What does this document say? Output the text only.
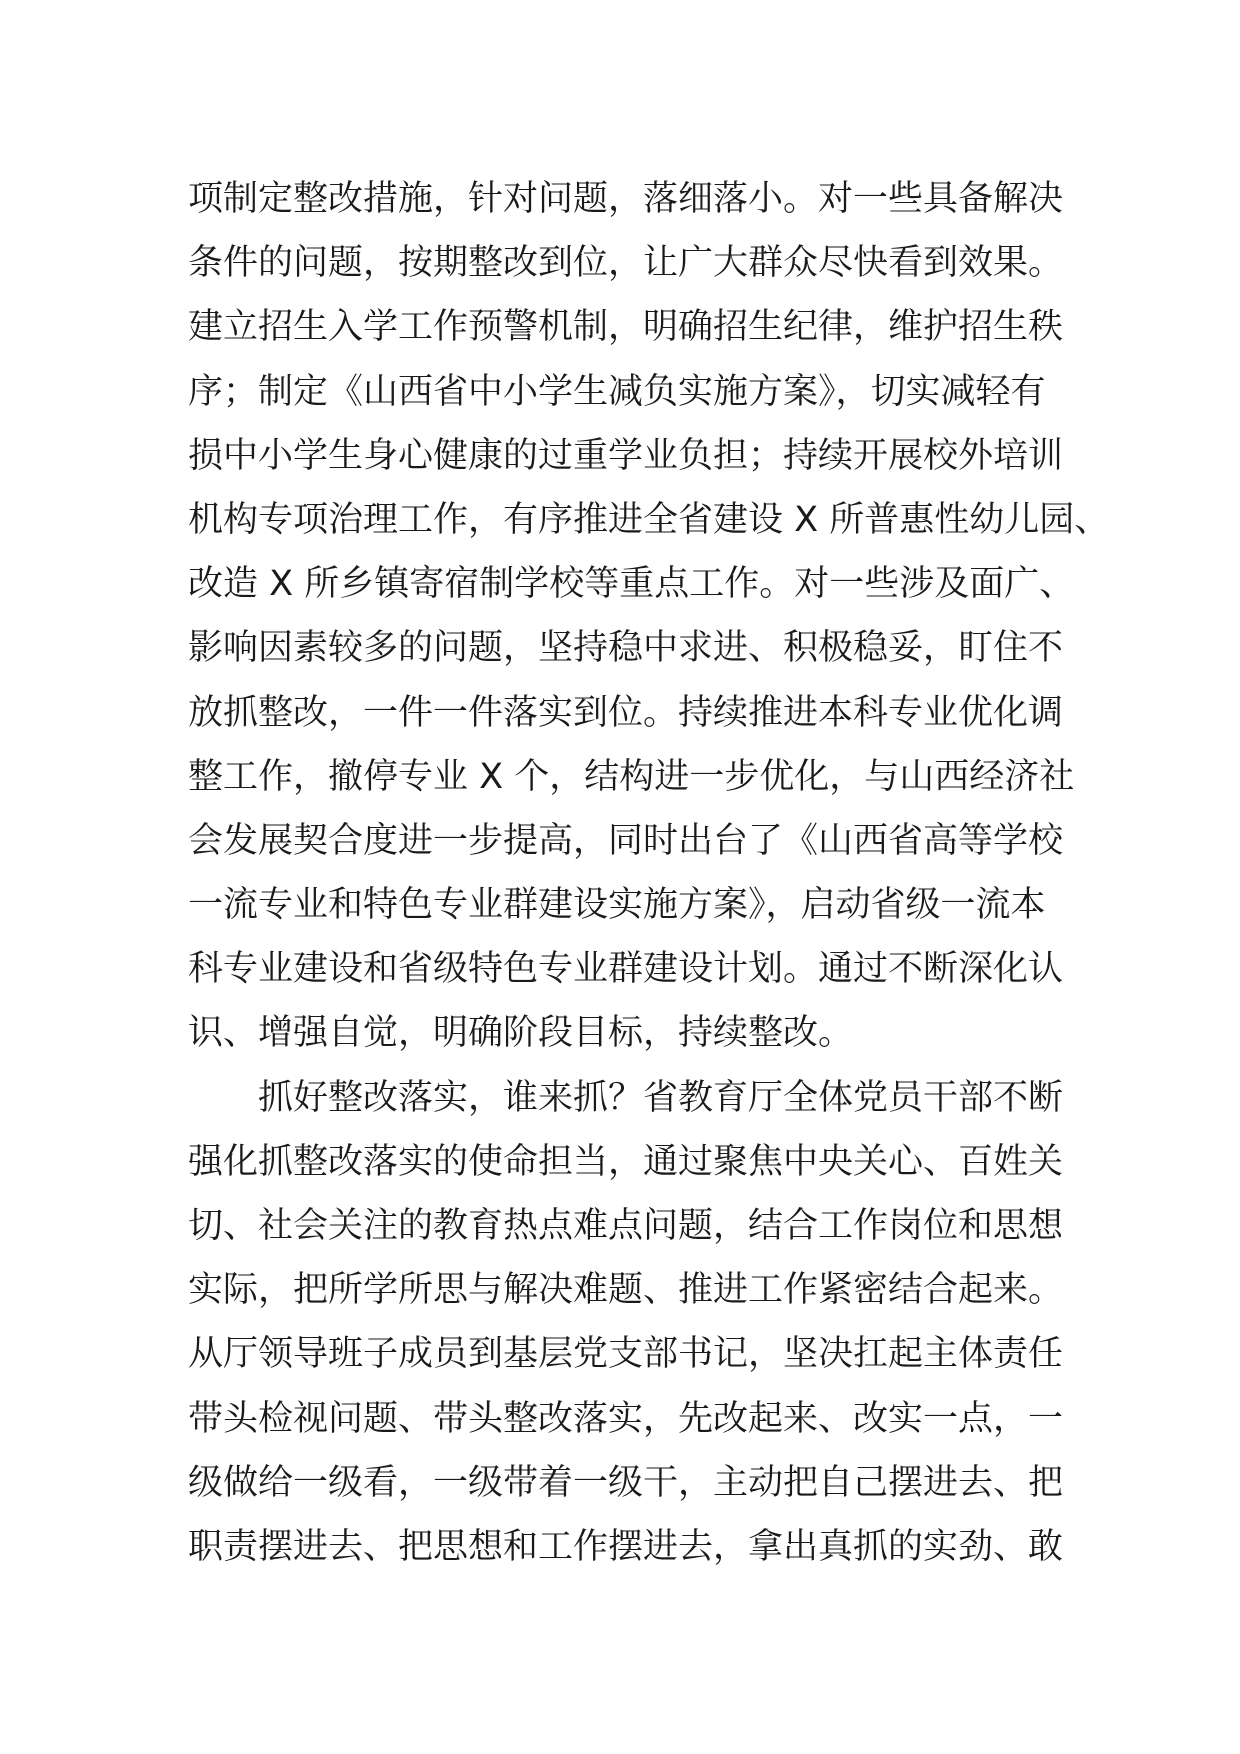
项制定整改措施，针对问题，落细落小。对一些具备解决
条件的问题，按期整改到位，让广大群众尽快看到效果。
建立招生入学工作预警机制，明确招生纪律，维护招生秩
序；制定《山西省中小学生减负实施方案》，切实减轻有
损中小学生身心健康的过重学业负担；持续开展校外培训
机构专项治理工作，有序推进全省建设 X 所普惠性幼儿园、
改造 X 所乡镇寄宿制学校等重点工作。对一些涉及面广、
影响因素较多的问题，坚持稳中求进、积极稳妥，盯住不
放抓整改，一件一件落实到位。持续推进本科专业优化调
整工作，撤停专业 X 个，结构进一步优化，与山西经济社
会发展契合度进一步提高，同时出台了《山西省高等学校
一流专业和特色专业群建设实施方案》，启动省级一流本
科专业建设和省级特色专业群建设计划。通过不断深化认
识、增强自觉，明确阶段目标，持续整改。
抓好整改落实，谁来抓？省教育厅全体党员干部不断
强化抓整改落实的使命担当，通过聚焦中央关心、百姓关
切、社会关注的教育热点难点问题，结合工作岗位和思想
实际，把所学所思与解决难题、推进工作紧密结合起来。
从厅领导班子成员到基层党支部书记，坚决扛起主体责任
带头检视问题、带头整改落实，先改起来、改实一点，一
级做给一级看，一级带着一级干，主动把自己摆进去、把
职责摆进去、把思想和工作摆进去，拿出真抓的实劲、敢
